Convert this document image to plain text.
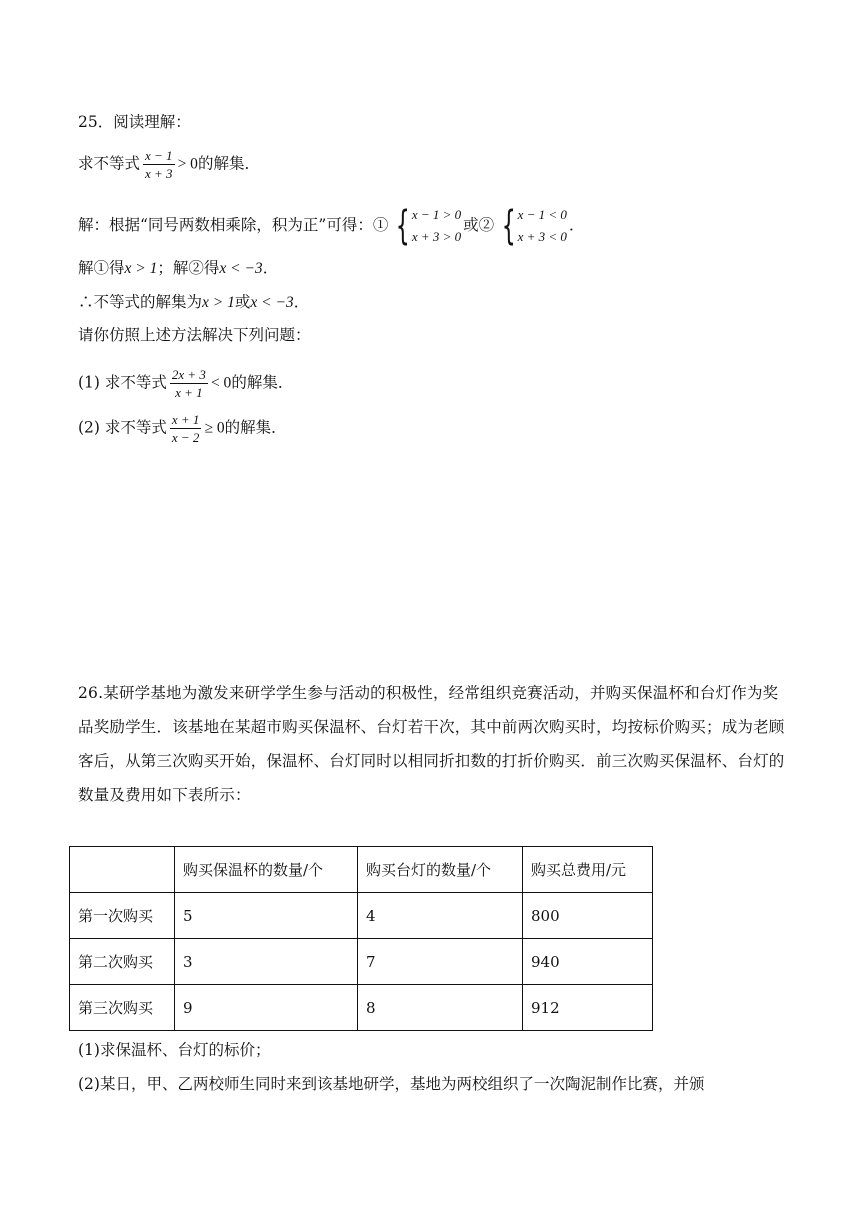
25．阅读理解：
求不等式 $\frac{x - 1}{x + 3} > 0$的解集．
解：根据“同号两数相乘除，积为正”可得：① { x − 1 > 0
x + 3 > 0
或② { x − 1 < 0
x + 3 < 0
．
解①得x > 1；解②得x < −3．
∴不等式的解集为x > 1或x < −3．
请你仿照上述方法解决下列问题：
(1) 求不等式 $\frac{2x + 3}{x + 1} < 0$的解集．
(2) 求不等式 $\frac{x + 1}{x - 2} \ge 0$的解集．
26.某研学基地为激发来研学学生参与活动的积极性，经常组织竞赛活动，并购买保温杯和台灯作为奖品奖励学生．该基地在某超市购买保温杯、台灯若干次，其中前两次购买时，均按标价购买；成为老顾客后，从第三次购买开始，保温杯、台灯同时以相同折扣数的打折价购买．前三次购买保温杯、台灯的数量及费用如下表所示：
	购买保温杯的数量/个	购买台灯的数量/个	购买总费用/元
第一次购买	5	4	800
第二次购买	3	7	940
第三次购买	9	8	912
(1)求保温杯、台灯的标价；
(2)某日，甲、乙两校师生同时来到该基地研学，基地为两校组织了一次陶泥制作比赛，并颁
